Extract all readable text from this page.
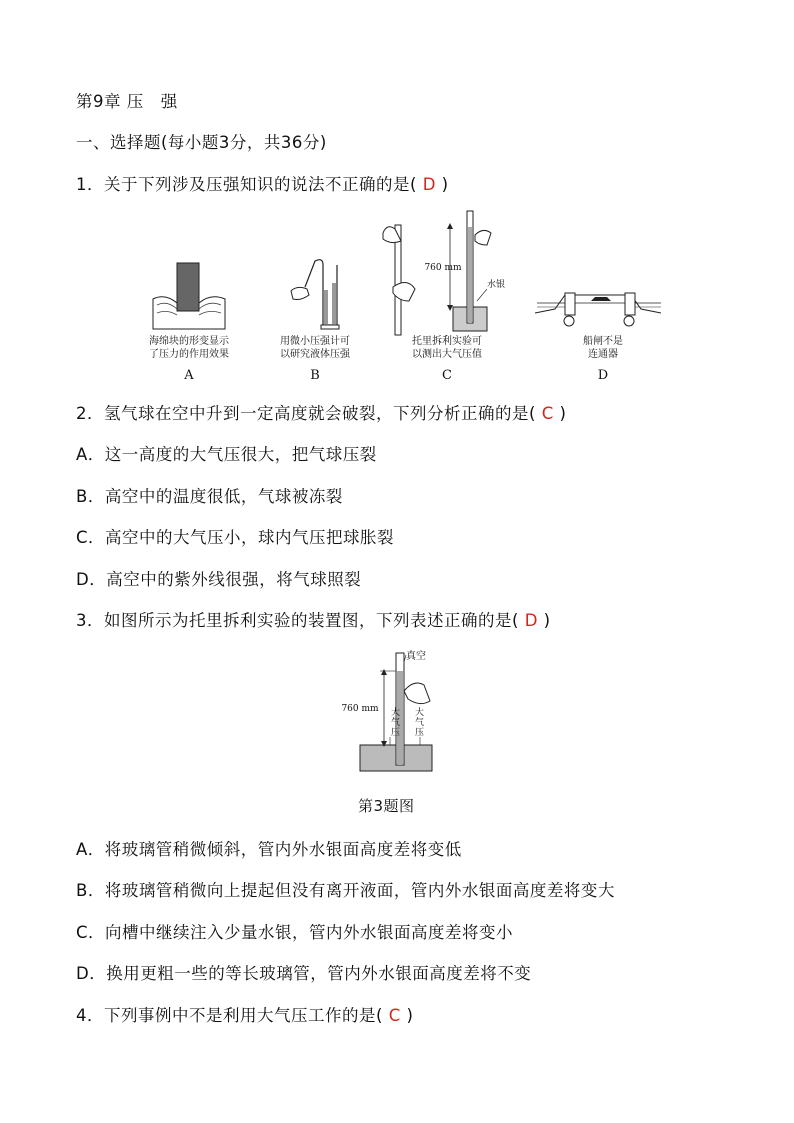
第9章 压　强
一、选择题(每小题3分，共36分)
1．关于下列涉及压强知识的说法不正确的是( D )
海绵块的形变显示
了压力的作用效果
A
用微小压强计可
以研究液体压强
B
760 mm
水银
托里拆利实验可
以测出大气压值
C
船闸不是
连通器
D
2．氢气球在空中升到一定高度就会破裂，下列分析正确的是( C )
A．这一高度的大气压很大，把气球压裂
B．高空中的温度很低，气球被冻裂
C．高空中的大气压小，球内气压把球胀裂
D．高空中的紫外线很强，将气球照裂
3．如图所示为托里拆利实验的装置图，下列表述正确的是( D )
真空
760 mm 大气压
大气压
第3题图
A．将玻璃管稍微倾斜，管内外水银面高度差将变低
B．将玻璃管稍微向上提起但没有离开液面，管内外水银面高度差将变大
C．向槽中继续注入少量水银，管内外水银面高度差将变小
D．换用更粗一些的等长玻璃管，管内外水银面高度差将不变
4．下列事例中不是利用大气压工作的是( C )
